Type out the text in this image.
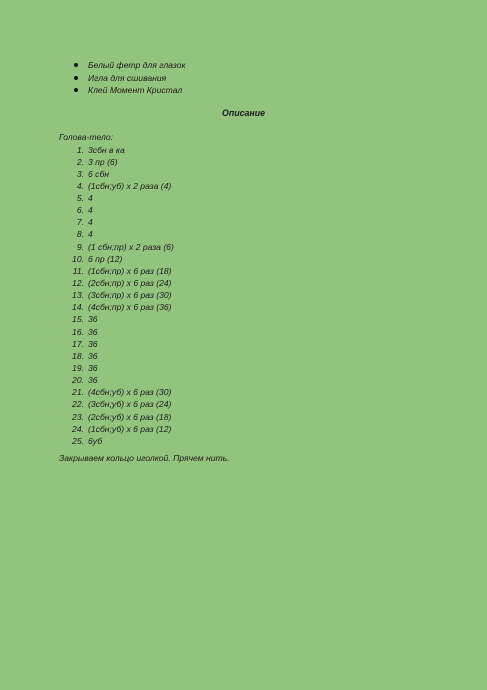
Белый фетр для глазок
Игла для сшивания
Клей Момент Кристал
Описание
Голова-тело:
1. 3сбн в ка
2. 3 пр (6)
3. 6 сбн
4. (1сбн;уб) х 2 раза (4)
5. 4
6. 4
7. 4
8. 4
9. (1 сбн;пр) х 2 раза (6)
10. 6 пр (12)
11. (1сбн;пр) х 6 раз (18)
12. (2сбн;пр) х 6 раз (24)
13. (3сбн;пр) х 6 раз (30)
14. (4сбн;пр) х 6 раз (36)
15. 36
16. 36
17. 36
18. 36
19. 36
20. 36
21. (4сбн;уб) х 6 раз (30)
22. (3сбн;уб) х 6 раз (24)
23. (2сбн;уб) х 6 раз (18)
24. (1сбн;уб) х 6 раз (12)
25. 6уб
Закрываем кольцо иголкой. Прячем нить.
